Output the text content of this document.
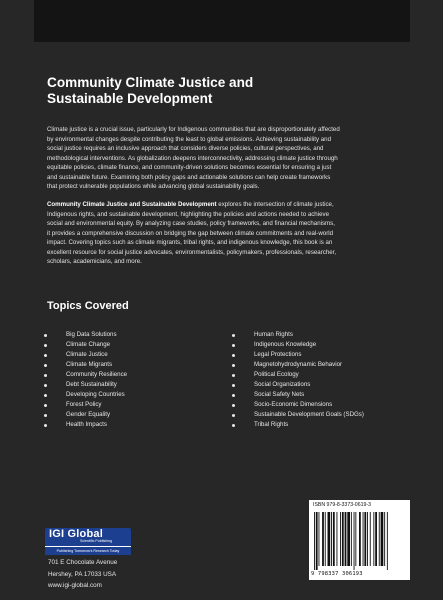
Community Climate Justice and
Sustainable Development
Climate justice is a crucial issue, particularly for Indigenous communities that are disproportionately affected
by environmental changes despite contributing the least to global emissions. Achieving sustainability and
social justice requires an inclusive approach that considers diverse policies, cultural perspectives, and
methodological interventions. As globalization deepens interconnectivity, addressing climate justice through
equitable policies, climate finance, and community-driven solutions becomes essential for ensuring a just
and sustainable future. Examining both policy gaps and actionable solutions can help create frameworks
that protect vulnerable populations while advancing global sustainability goals.
Community Climate Justice and Sustainable Development explores the intersection of climate justice,
Indigenous rights, and sustainable development, highlighting the policies and actions needed to achieve
social and environmental equity. By analyzing case studies, policy frameworks, and financial mechanisms,
it provides a comprehensive discussion on bridging the gap between climate commitments and real-world
impact. Covering topics such as climate migrants, tribal rights, and indigenous knowledge, this book is an
excellent resource for social justice advocates, environmentalists, policymakers, professionals, researcher,
scholars, academicians, and more.
Topics Covered
Big Data Solutions
Climate Change
Climate Justice
Climate Migrants
Community Resilience
Debt Sustainability
Developing Countries
Forest Policy
Gender Equality
Health Impacts
Human Rights
Indigenous Knowledge
Legal Protections
Magnetohydrodynamic Behavior
Political Ecology
Social Organizations
Social Safety Nets
Socio-Economic Dimensions
Sustainable Development Goals (SDGs)
Tribal Rights
IGI Global
Scientific Publishing
Publishing Tomorrow's Research Today
701 E Chocolate Avenue
Hershey, PA 17033 USA
www.igi-global.com
ISBN 979-8-3373-0619-3
9 798337 306193
